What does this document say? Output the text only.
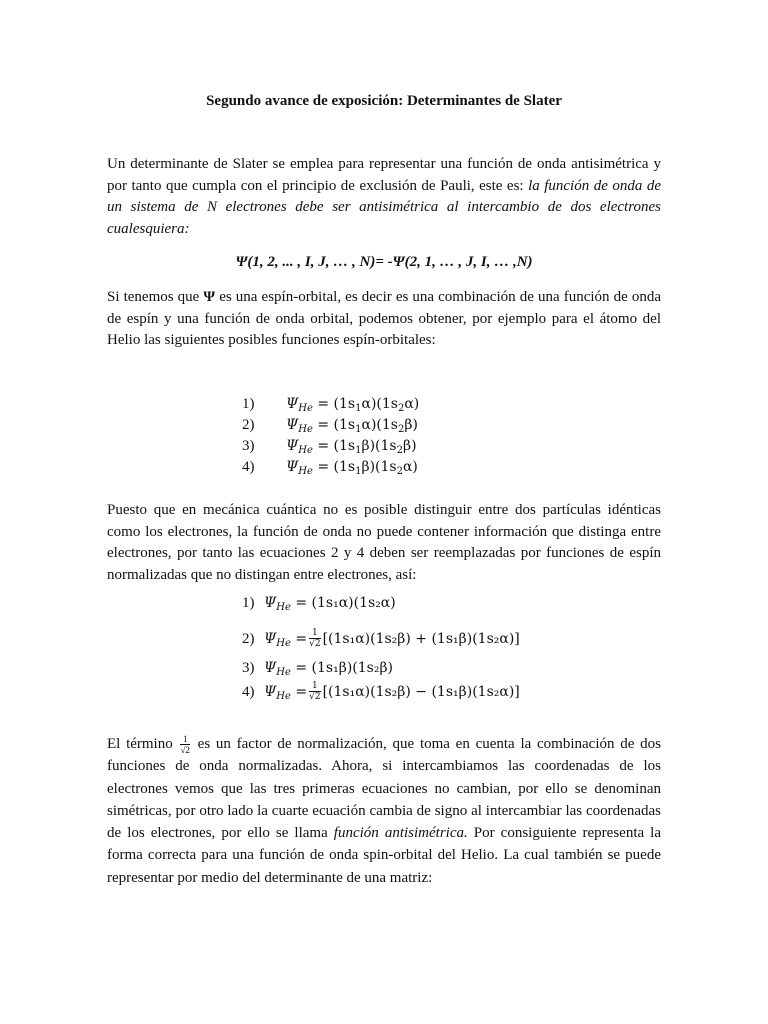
Segundo avance de exposición: Determinantes de Slater

Un determinante de Slater se emplea para representar una función de onda antisimétrica y por tanto que cumpla con el principio de exclusión de Pauli, este es: la función de onda de un sistema de N electrones debe ser antisimétrica al intercambio de dos electrones cualesquiera:

Ψ(1, 2, ... , I, J, … , N)= -Ψ(2, 1, … , J, I, … ,N)

Si tenemos que Ψ es una espín-orbital, es decir es una combinación de una función de onda de espín y una función de onda orbital, podemos obtener, por ejemplo para el átomo del Helio las siguientes posibles funciones espín-orbitales:

1) $\Psi_{He} = (1s_1\alpha)(1s_2\alpha)$
2) $\Psi_{He} = (1s_1\alpha)(1s_2\beta)$
3) $\Psi_{He} = (1s_1\beta)(1s_2\beta)$
4) $\Psi_{He} = (1s_1\beta)(1s_2\alpha)$

Puesto que en mecánica cuántica no es posible distinguir entre dos partículas idénticas como los electrones, la función de onda no puede contener información que distinga entre electrones, por tanto las ecuaciones 2 y 4 deben ser reemplazadas por funciones de espín normalizadas que no distingan entre electrones, así:

1) $\Psi_{He} = (1s_1\alpha)(1s_2\alpha)$
2) $\Psi_{He} = \frac{1}{√2} [(1s_1\alpha)(1s_2\beta) + (1s_1\beta)(1s_2\alpha)]$
3) $\Psi_{He} = (1s_1\beta)(1s_2\beta)$
4) $\Psi_{He} = \frac{1}{√2} [(1s_1\alpha)(1s_2\beta) - (1s_1\beta)(1s_2\alpha)]$

El término $\frac{1}{√2}$ es un factor de normalización, que toma en cuenta la combinación de dos funciones de onda normalizadas. Ahora, si intercambiamos las coordenadas de los electrones vemos que las tres primeras ecuaciones no cambian, por ello se denominan simétricas, por otro lado la cuarte ecuación cambia de signo al intercambiar las coordenadas de los electrones, por ello se llama función antisimétrica. Por consiguiente representa la forma correcta para una función de onda spin-orbital del Helio. La cual también se puede representar por medio del determinante de una matriz:
